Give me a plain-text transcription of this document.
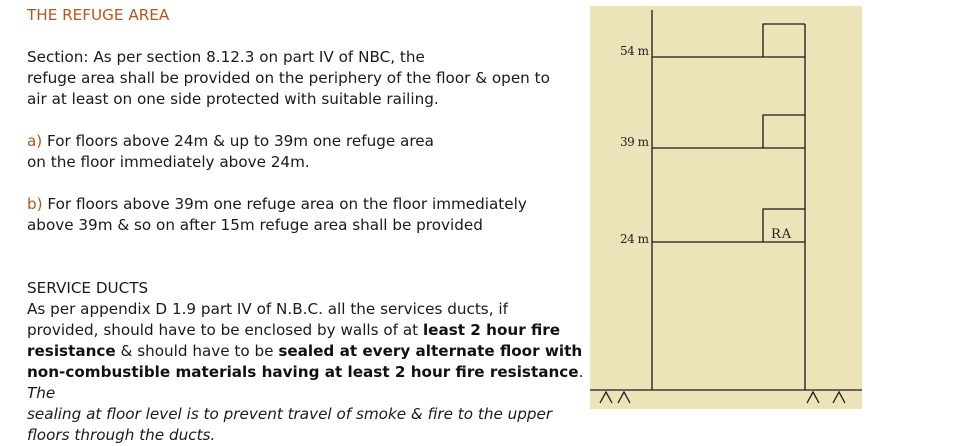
THE REFUGE AREA

Section: As per section 8.12.3 on part IV of NBC, the
refuge area shall be provided on the periphery of the floor & open to
air at least on one side protected with suitable railing.

a) For floors above 24m & up to 39m one refuge area
on the floor immediately above 24m.

b) For floors above 39m one refuge area on the floor immediately
above 39m & so on after 15m refuge area shall be provided

SERVICE DUCTS

As per appendix D 1.9 part IV of N.B.C. all the services ducts, if
provided, should have to be enclosed by walls of at least 2 hour fire
resistance & should have to be sealed at every alternate floor with
non-combustible materials having at least 2 hour fire resistance. The
sealing at floor level is to prevent travel of smoke & fire to the upper
floors through the ducts.

54 m
39 m
24 m	RA
